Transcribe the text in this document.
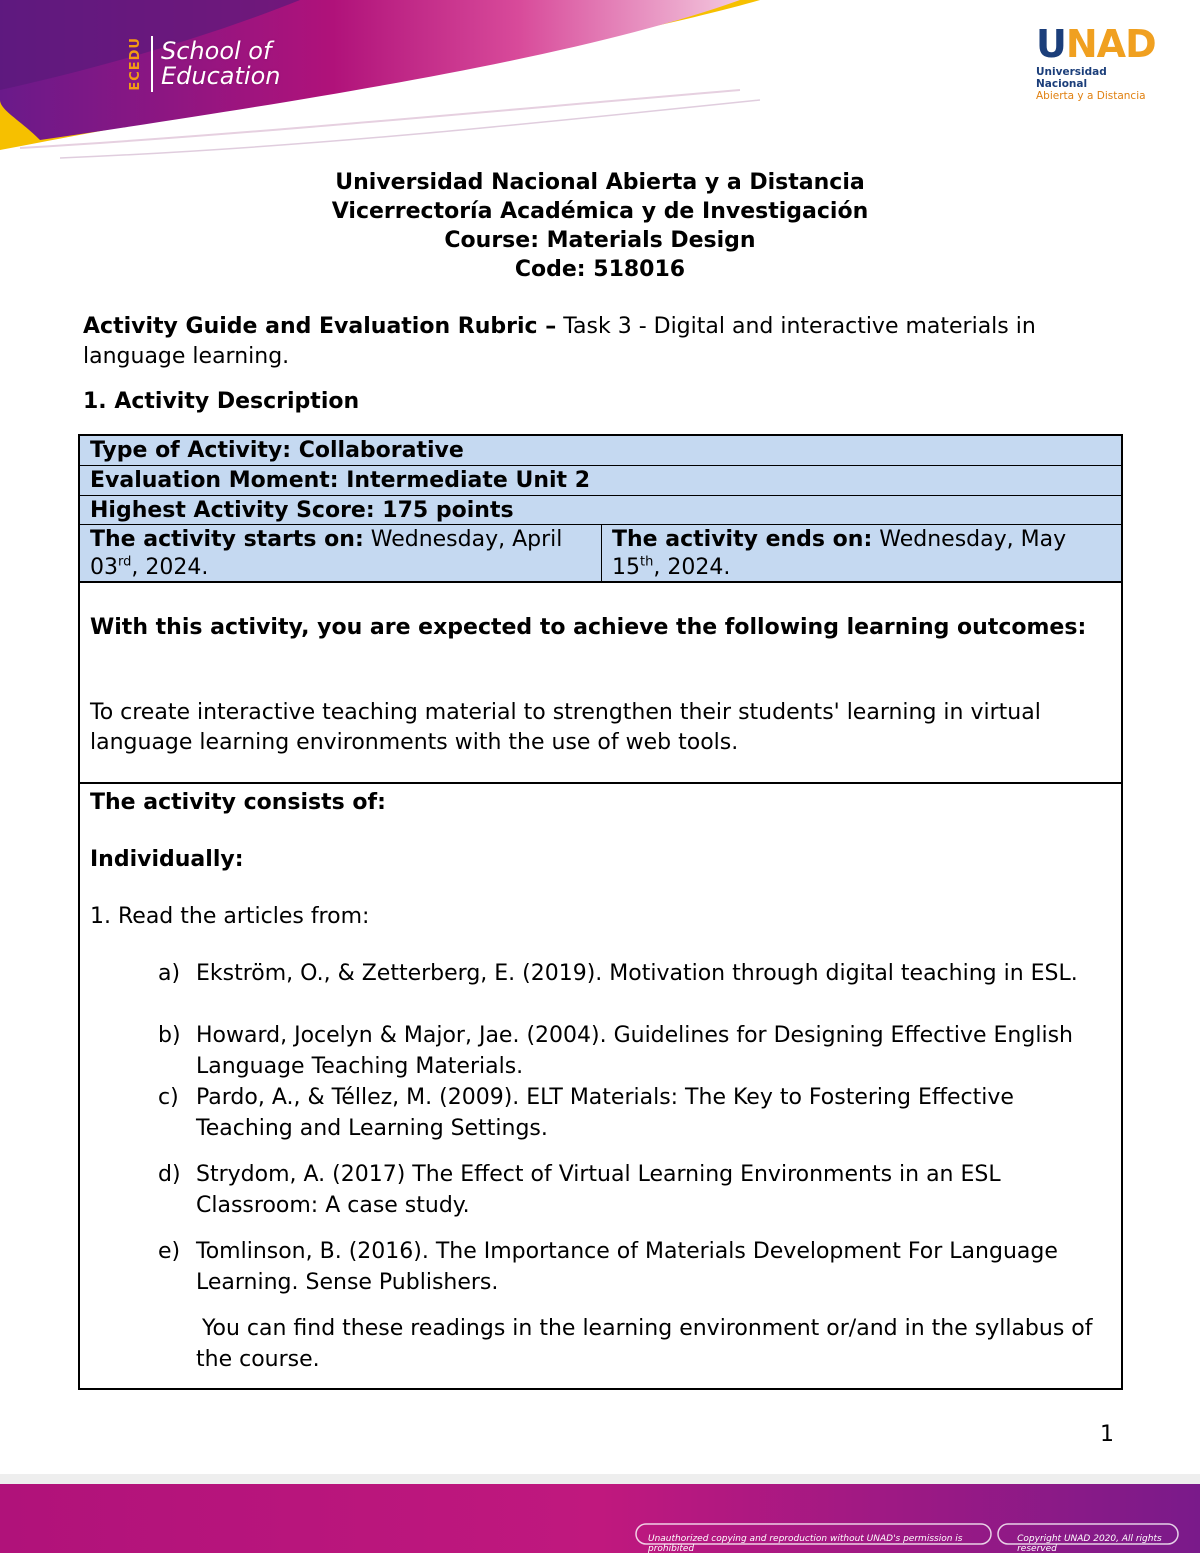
ECEDU School of
Education
UNAD
Universidad Nacional
Abierta y a Distancia
Universidad Nacional Abierta y a Distancia
Vicerrectoría Académica y de Investigación
Course: Materials Design
Code: 518016
Activity Guide and Evaluation Rubric – Task 3 - Digital and interactive materials in language learning.
1. Activity Description
Type of Activity: Collaborative
Evaluation Moment: Intermediate Unit 2
Highest Activity Score: 175 points
The activity starts on: Wednesday, April 03rd, 2024.
The activity ends on: Wednesday, May 15th, 2024.
With this activity, you are expected to achieve the following learning outcomes:
To create interactive teaching material to strengthen their students' learning in virtual language learning environments with the use of web tools.
The activity consists of:
Individually:
1. Read the articles from:
a) Ekström, O., & Zetterberg, E. (2019). Motivation through digital teaching in ESL.
b) Howard, Jocelyn & Major, Jae. (2004). Guidelines for Designing Effective English Language Teaching Materials.
c) Pardo, A., & Téllez, M. (2009). ELT Materials: The Key to Fostering Effective Teaching and Learning Settings.
d) Strydom, A. (2017) The Effect of Virtual Learning Environments in an ESL Classroom: A case study.
e) Tomlinson, B. (2016). The Importance of Materials Development For Language Learning. Sense Publishers.
You can find these readings in the learning environment or/and in the syllabus of the course.
1
Unauthorized copying and reproduction without UNAD's permission is prohibited
Copyright UNAD 2020, All rights reserved
